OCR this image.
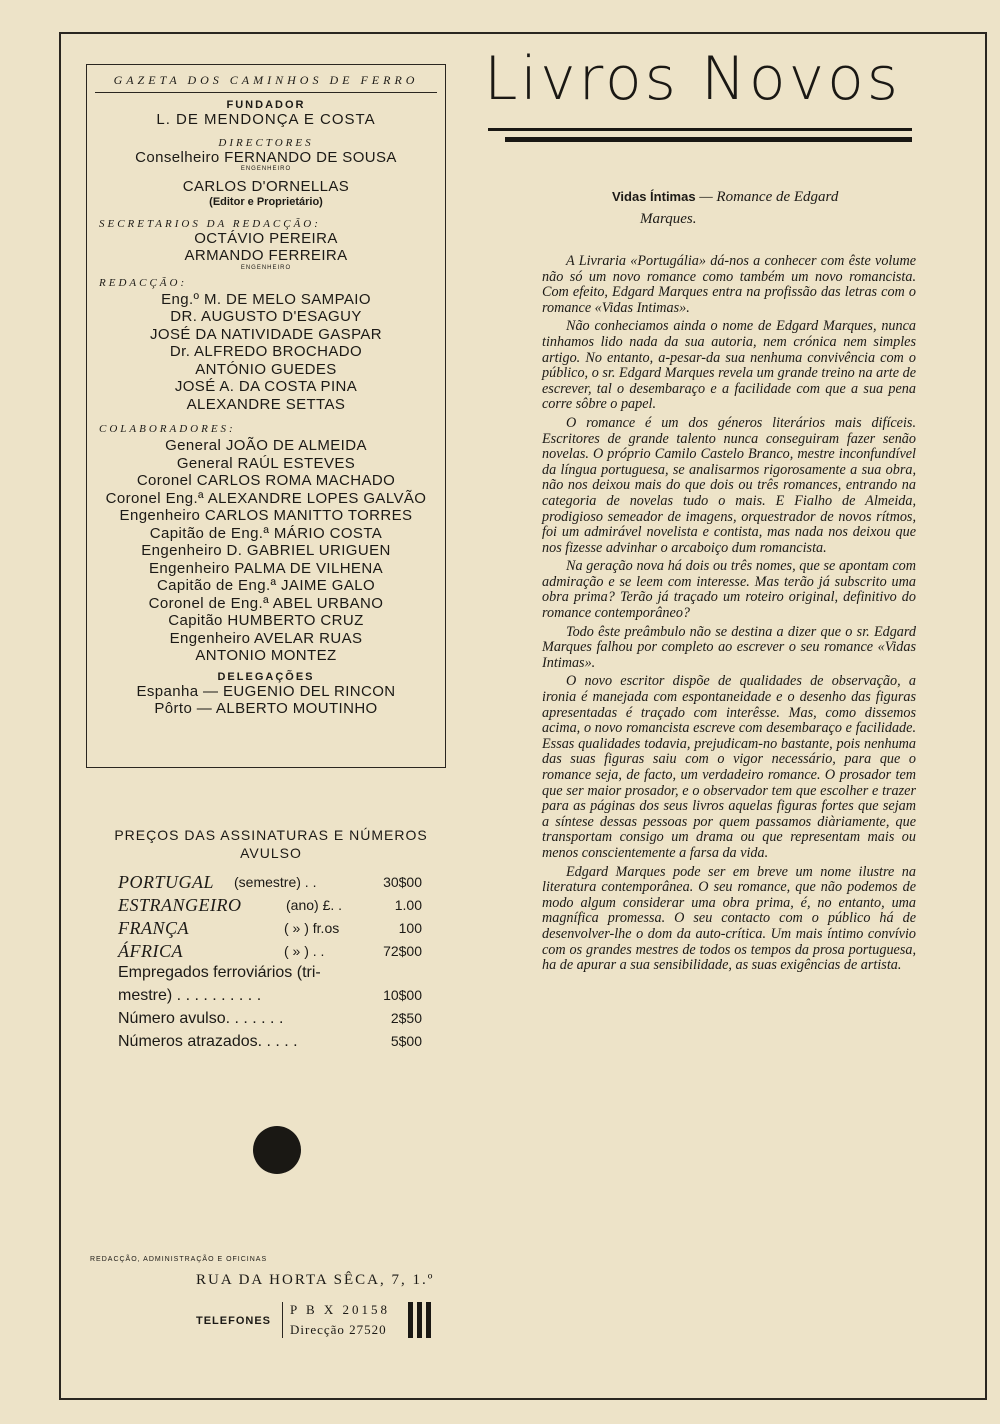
GAZETA DOS CAMINHOS DE FERRO
FUNDADOR
L. DE MENDONÇA E COSTA
DIRECTORES
Conselheiro FERNANDO DE SOUSA
ENGENHEIRO
CARLOS D'ORNELLAS
(Editor e Proprietário)
SECRETARIOS DA REDACÇÃO:
OCTÁVIO PEREIRA
ARMANDO FERREIRA
ENGENHEIRO
REDACÇÃO:
Eng.º M. DE MELO SAMPAIO
DR. AUGUSTO D'ESAGUY
JOSÉ DA NATIVIDADE GASPAR
Dr. ALFREDO BROCHADO
ANTÓNIO GUEDES
JOSÉ A. DA COSTA PINA
ALEXANDRE SETTAS
COLABORADORES:
General JOÃO DE ALMEIDA
General RAÚL ESTEVES
Coronel CARLOS ROMA MACHADO
Coronel Eng.ª ALEXANDRE LOPES GALVÃO
Engenheiro CARLOS MANITTO TORRES
Capitão de Eng.ª MÁRIO COSTA
Engenheiro D. GABRIEL URIGUEN
Engenheiro PALMA DE VILHENA
Capitão de Eng.ª JAIME GALO
Coronel de Eng.ª ABEL URBANO
Capitão HUMBERTO CRUZ
Engenheiro AVELAR RUAS
ANTONIO MONTEZ
DELEGAÇÕES
Espanha — EUGENIO DEL RINCON
Pôrto — ALBERTO MOUTINHO
PREÇOS DAS ASSINATURAS E NÚMEROS AVULSO
PORTUGAL (semestre) . .	30$00
ESTRANGEIRO	(ano) £. .	1.00
FRANÇA	( » ) fr.os	100
ÁFRICA	( » ) . .	72$00
Empregados ferroviários (tri-
mestre) . . . . . . . . . .	10$00
Número avulso. . . . . . .	2$50
Números atrazados. . . . .	5$00
REDACÇÃO, ADMINISTRAÇÃO E OFICINAS
RUA DA HORTA SÊCA, 7, 1.º
TELEFONES
P B X 20158
Direcção 27520
Livros Novos
Vidas Íntimas — Romance de Edgard
Marques.

A Livraria «Portugália» dá-nos a conhecer com êste volume não só um novo romance como também um novo romancista. Com efeito, Edgard Marques entra na profissão das letras com o romance «Vidas Intimas».

Não conheciamos ainda o nome de Edgard Marques, nunca tinhamos lido nada da sua autoria, nem crónica nem simples artigo. No entanto, a-pesar-da sua nenhuma convivência com o público, o sr. Edgard Marques revela um grande treino na arte de escrever, tal o desembaraço e a facilidade com que a sua pena corre sôbre o papel.

O romance é um dos géneros literários mais difíceis. Escritores de grande talento nunca conseguiram fazer senão novelas. O próprio Camilo Castelo Branco, mestre inconfundível da língua portuguesa, se analisarmos rigorosamente a sua obra, não nos deixou mais do que dois ou três romances, entrando na categoria de novelas tudo o mais. E Fialho de Almeida, prodigioso semeador de imagens, orquestrador de novos rítmos, foi um admirável novelista e contista, mas nada nos deixou que nos fizesse advinhar o arcaboiço dum romancista.

Na geração nova há dois ou três nomes, que se apontam com admiração e se leem com interesse. Mas terão já subscrito uma obra prima? Terão já traçado um roteiro original, definitivo do romance contemporâneo?

Todo êste preâmbulo não se destina a dizer que o sr. Edgard Marques falhou por completo ao escrever o seu romance «Vidas Intimas».

O novo escritor dispõe de qualidades de observação, a ironia é manejada com espontaneidade e o desenho das figuras apresentadas é traçado com interêsse. Mas, como dissemos acima, o novo romancista escreve com desembaraço e facilidade. Essas qualidades todavia, prejudicam-no bastante, pois nenhuma das suas figuras saiu com o vigor necessário, para que o romance seja, de facto, um verdadeiro romance. O prosador tem que ser maior prosador, e o observador tem que escolher e trazer para as páginas dos seus livros aquelas figuras fortes que sejam a síntese dessas pessoas por quem passamos diàriamente, que transportam consigo um drama ou que representam mais ou menos conscientemente a farsa da vida.

Edgard Marques pode ser em breve um nome ilustre na literatura contemporânea. O seu romance, que não podemos de modo algum considerar uma obra prima, é, no entanto, uma magnífica promessa. O seu contacto com o público há de desenvolver-lhe o dom da auto-crítica. Um mais íntimo convívio com os grandes mestres de todos os tempos da prosa portuguesa, ha de apurar a sua sensibilidade, as suas exigências de artista.
